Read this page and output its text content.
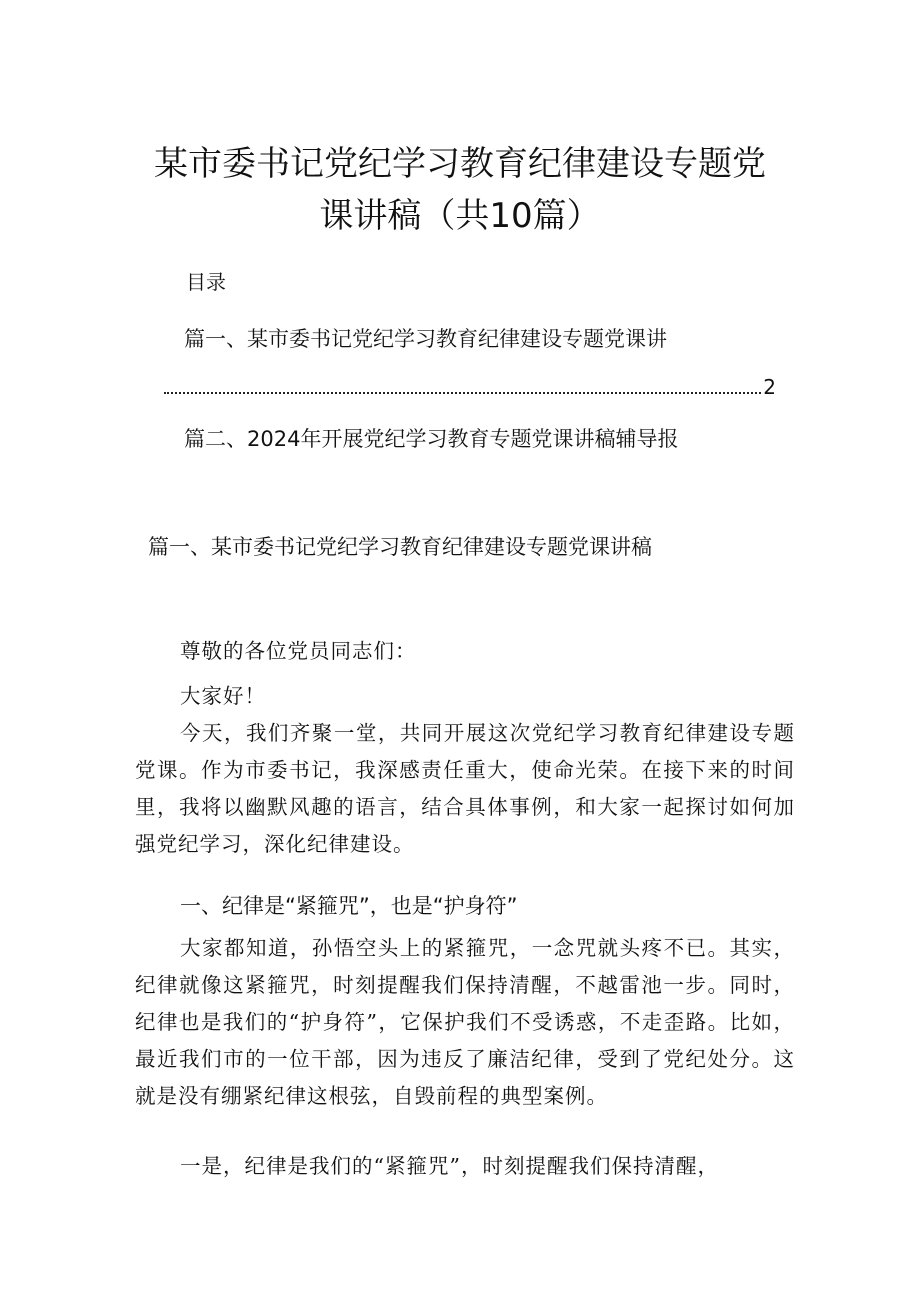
某市委书记党纪学习教育纪律建设专题党
课讲稿（共10篇）
目录
篇一、某市委书记党纪学习教育纪律建设专题党课讲
2
篇二、2024年开展党纪学习教育专题党课讲稿辅导报
篇一、某市委书记党纪学习教育纪律建设专题党课讲稿
尊敬的各位党员同志们：
大家好！
今天，我们齐聚一堂，共同开展这次党纪学习教育纪律建设专题党课。作为市委书记，我深感责任重大，使命光荣。在接下来的时间里，我将以幽默风趣的语言，结合具体事例，和大家一起探讨如何加强党纪学习，深化纪律建设。
一、纪律是“紧箍咒”，也是“护身符”
大家都知道，孙悟空头上的紧箍咒，一念咒就头疼不已。其实，纪律就像这紧箍咒，时刻提醒我们保持清醒，不越雷池一步。同时，纪律也是我们的“护身符”，它保护我们不受诱惑，不走歪路。比如，最近我们市的一位干部，因为违反了廉洁纪律，受到了党纪处分。这就是没有绷紧纪律这根弦，自毁前程的典型案例。
一是，纪律是我们的“紧箍咒”，时刻提醒我们保持清醒，
